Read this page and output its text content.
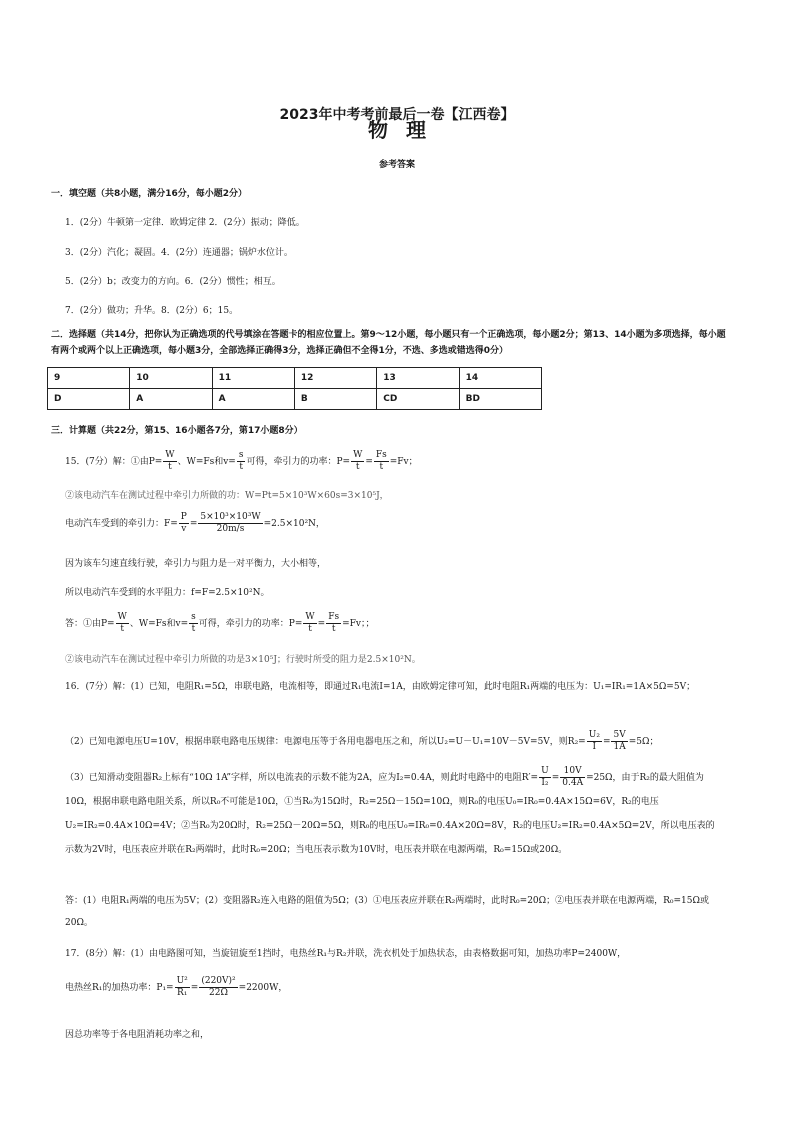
2023年中考考前最后一卷【江西卷】
物理
参考答案
一．填空题（共8小题，满分16分，每小题2分）
1．(2分）牛顿第一定律．欧姆定律 2．(2分）振动；降低。
3．(2分）汽化；凝固。4．(2分）连通器；锅炉水位计。
5．(2分）b；改变力的方向。6．(2分）惯性；相互。
7．(2分）做功；升华。8．(2分）6；15。
二．选择题（共14分，把你认为正确选项的代号填涂在答题卡的相应位置上。第9～12小题，每小题只有一个正确选项，每小题2分；第13、14小题为多项选择，每小题有两个或两个以上正确选项，每小题3分，全部选择正确得3分，选择正确但不全得1分，不选、多选或错选得0分）
9	10	11	12	13	14
D	A	A	B	CD	BD
三．计算题（共22分，第15、16小题各7分，第17小题8分）
15．(7分）解：①由$P= \frac{W}{t}$ 、W=Fs和$v= \frac{s}{t}$ 可得，牵引力的功率：$P= \frac{W}{t} = \frac{Fs}{t} =Fv$；
②该电动汽车在测试过程中牵引力所做的功：W=Pt=5×10³W×60s=3×10⁵J，
电动汽车受到的牵引力：$F= \frac{P}{v} = \frac{\text{5×10³×10³W}}{20m/s} =2.5\times 10^2N$，
因为该车匀速直线行驶，牵引力与阻力是一对平衡力，大小相等，
所以电动汽车受到的水平阻力：f=F=2.5×10²N。
答：①由$P= \frac{W}{t}$ 、W=Fs和$v= \frac{s}{t}$ 可得，牵引力的功率：$P= \frac{W}{t} = \frac{Fs}{t} =Fv$；；
②该电动汽车在测试过程中牵引力所做的功是3×10⁵J；行驶时所受的阻力是2.5×10²N。
16．(7分）解：(1）已知，电阻R₁=5Ω，串联电路，电流相等，即通过R₁电流I=1A，由欧姆定律可知，此时电阻R₁两端的电压为：U₁=IR₁=1A×5Ω=5V；
（2）已知电源电压U=10V，根据串联电路电压规律：电源电压等于各用电器电压之和，所以U₂=U－U₁=10V－5V=5V，则$R_2= \frac{\text{U₂}}{I} = \frac{5V}{1A} =5\Omega$；
（3）已知滑动变阻器R₂上标有“10Ω 1A”字样，所以电流表的示数不能为2A，应为I₂=0.4A，则此时电路中的电阻$R'= \frac{U}{\text{I₂}} = \frac{10V}{0.4A} =25\Omega$，由于R₂的最大阻值为10Ω，根据串联电路电阻关系，所以R₀不可能是10Ω，①当R₀为15Ω时，R₂=25Ω－15Ω=10Ω，则R₀的电压U₀=IR₀=0.4A×15Ω=6V，R₂的电压U₂=IR₂=0.4A×10Ω=4V；②当R₀为20Ω时，R₂=25Ω－20Ω=5Ω，则R₀的电压U₀=IR₀=0.4A×20Ω=8V，R₂的电压U₂=IR₂=0.4A×5Ω=2V，所以电压表的示数为2V时，电压表应并联在R₂两端时，此时R₀=20Ω；当电压表示数为10V时，电压表并联在电源两端，R₀=15Ω或20Ω。
答：(1）电阻R₁两端的电压为5V；(2）变阻器R₂连入电路的阻值为5Ω；(3）①电压表应并联在R₂两端时，此时R₀=20Ω；②电压表并联在电源两端，R₀=15Ω或20Ω。
17．(8分）解：(1）由电路图可知，当旋钮旋至1挡时，电热丝R₁与R₂并联，洗衣机处于加热状态，由表格数据可知，加热功率P=2400W，
电热丝R₁的加热功率：$P_1= \frac{\text{U²}}{\text{R₁}} = \frac{\text{(220V)²}}{22\Omega} =2200W$，
因总功率等于各电阻消耗功率之和，
